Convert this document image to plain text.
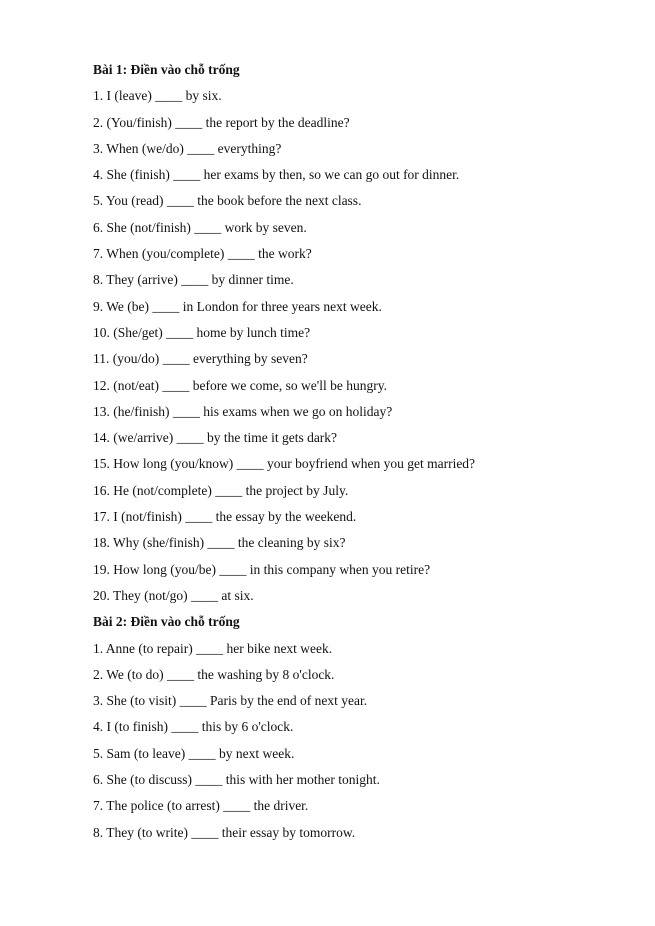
Bài 1: Điền vào chỗ trống
1. I (leave) ____ by six.
2. (You/finish) ____ the report by the deadline?
3. When (we/do) ____ everything?
4. She (finish) ____ her exams by then, so we can go out for dinner.
5. You (read) ____ the book before the next class.
6. She (not/finish) ____ work by seven.
7. When (you/complete) ____ the work?
8. They (arrive) ____ by dinner time.
9. We (be) ____ in London for three years next week.
10. (She/get) ____ home by lunch time?
11. (you/do) ____ everything by seven?
12. (not/eat) ____ before we come, so we'll be hungry.
13. (he/finish) ____ his exams when we go on holiday?
14. (we/arrive) ____ by the time it gets dark?
15. How long (you/know) ____ your boyfriend when you get married?
16. He (not/complete) ____ the project by July.
17. I (not/finish) ____ the essay by the weekend.
18. Why (she/finish) ____ the cleaning by six?
19. How long (you/be) ____ in this company when you retire?
20. They (not/go) ____ at six.
Bài 2: Điền vào chỗ trống
1. Anne (to repair) ____ her bike next week.
2. We (to do) ____ the washing by 8 o'clock.
3. She (to visit) ____ Paris by the end of next year.
4. I (to finish) ____ this by 6 o'clock.
5. Sam (to leave) ____ by next week.
6. She (to discuss) ____ this with her mother tonight.
7. The police (to arrest) ____ the driver.
8. They (to write) ____ their essay by tomorrow.
